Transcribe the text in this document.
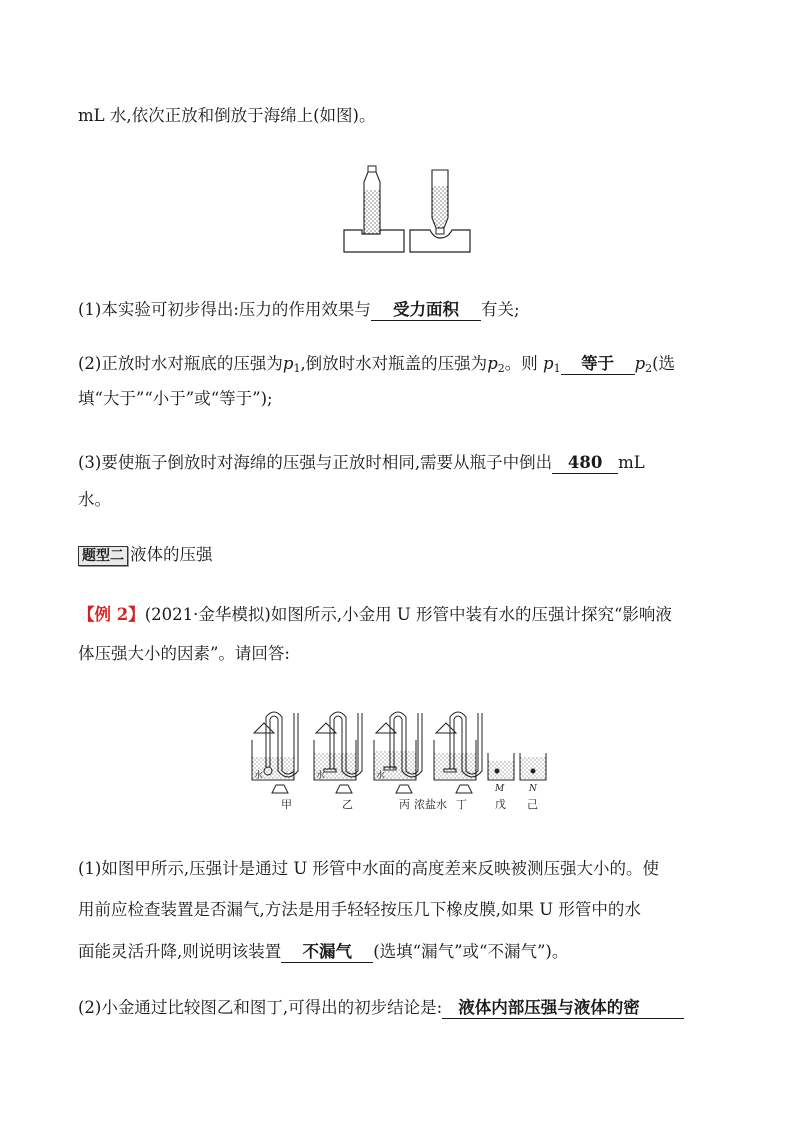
mL 水,依次正放和倒放于海绵上(如图)。
(1)本实验可初步得出:压力的作用效果与 受力面积 有关;
(2)正放时水对瓶底的压强为$p_1$,倒放时水对瓶盖的压强为$p_2$。则 $p_1$ 等于 $p_2$(选
填“大于”“小于”或“等于”);
(3)要使瓶子倒放时对海绵的压强与正放时相同,需要从瓶子中倒出 480 mL
水。
题型二 液体的压强
【例 2】(2021·金华模拟)如图所示,小金用 U 形管中装有水的压强计探究“影响液
体压强大小的因素”。请回答:
水	水	水
M	N
甲	乙	丙 浓盐水 丁	戊 己
(1)如图甲所示,压强计是通过 U 形管中水面的高度差来反映被测压强大小的。使
用前应检查装置是否漏气,方法是用手轻轻按压几下橡皮膜,如果 U 形管中的水
面能灵活升降,则说明该装置 不漏气 (选填“漏气”或“不漏气”)。
(2)小金通过比较图乙和图丁,可得出的初步结论是: 液体内部压强与液体的密
